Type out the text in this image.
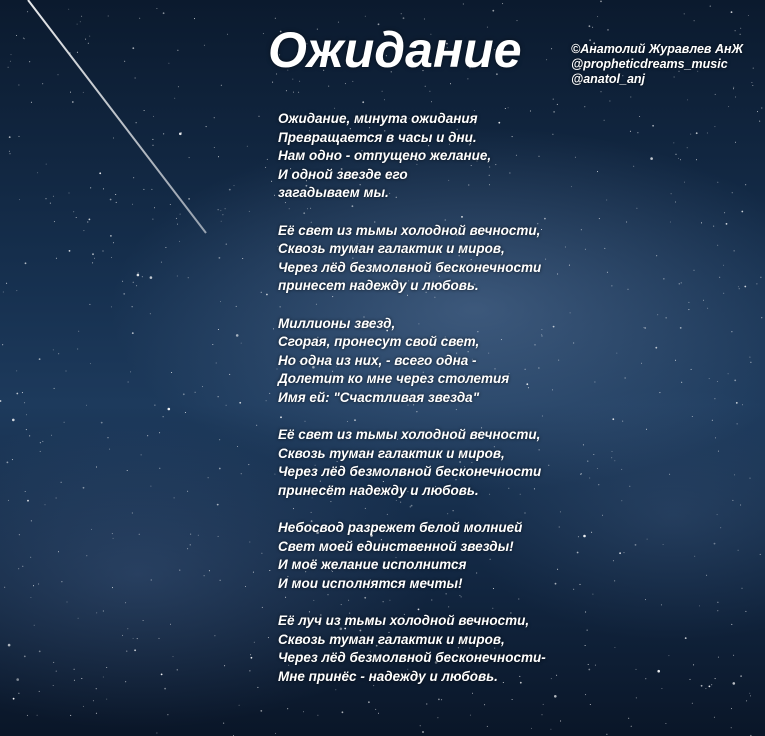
Ожидание	©Анатолий Журавлев АнЖ
@propheticdreams_music
@anatol_anj
Ожидание, минута ожидания
Превращается в часы и дни.
Нам одно - отпущено желание,
И одной звезде его
загадываем мы.
Её свет из тьмы холодной вечности,
Сквозь туман галактик и миров,
Через лёд безмолвной бесконечности
принесет надежду и любовь.
Миллионы звезд,
Сгорая, пронесут свой свет,
Но одна из них, - всего одна -
Долетит ко мне через столетия
Имя ей: "Счастливая звезда"
Её свет из тьмы холодной вечности,
Сквозь туман галактик и миров,
Через лёд безмолвной бесконечности
принесёт надежду и любовь.
Небосвод разрежет белой молнией
Свет моей единственной звезды!
И моё желание исполнится
И мои исполнятся мечты!
Её луч из тьмы холодной вечности,
Сквозь туман галактик и миров,
Через лёд безмолвной бесконечности-
Мне принёс - надежду и любовь.
